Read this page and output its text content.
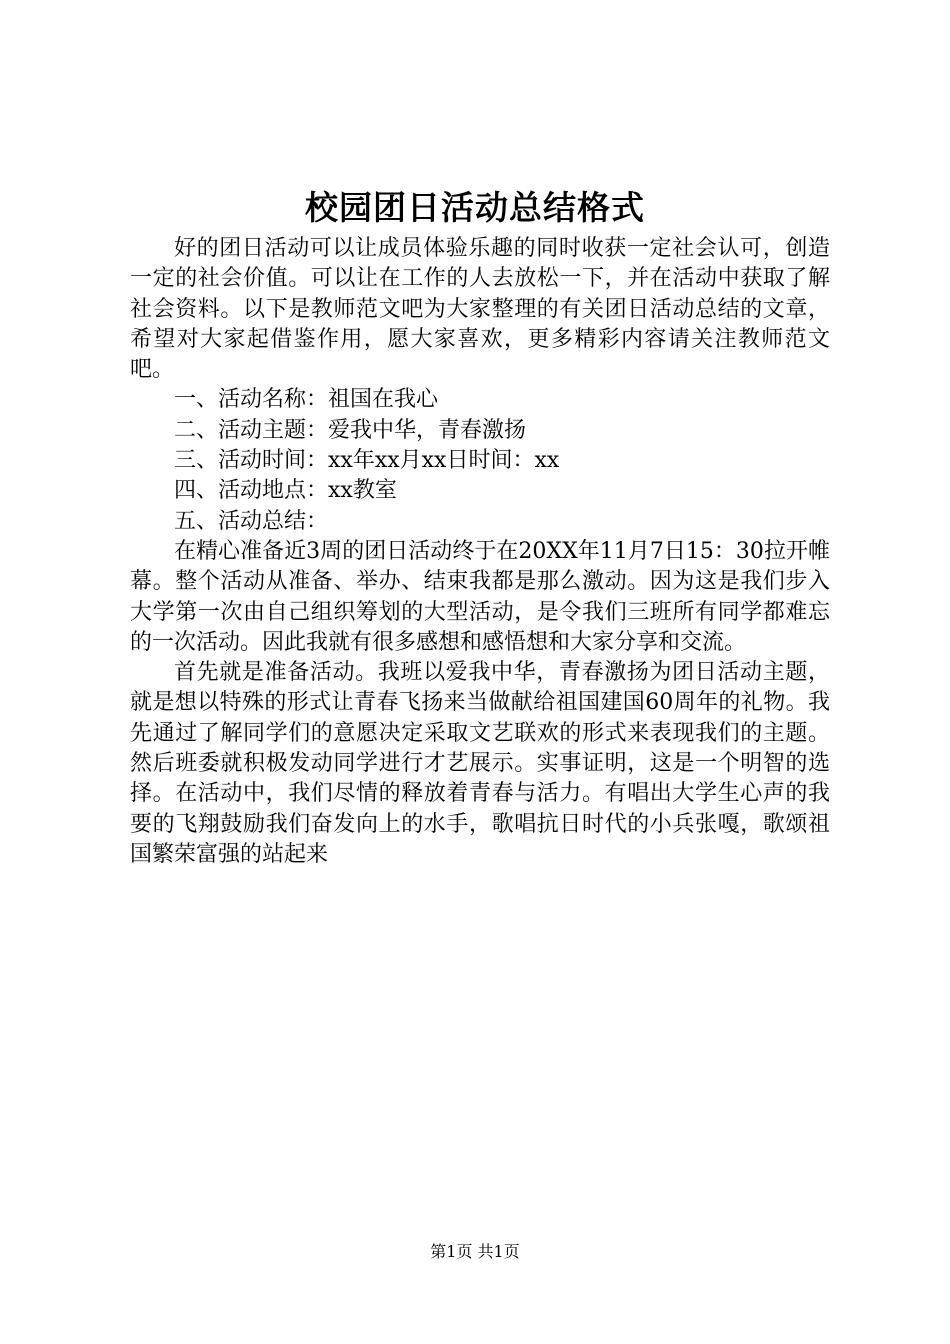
校园团日活动总结格式

好的团日活动可以让成员体验乐趣的同时收获一定社会认可，创造一定的社会价值。可以让在工作的人去放松一下，并在活动中获取了解社会资料。以下是教师范文吧为大家整理的有关团日活动总结的文章，希望对大家起借鉴作用，愿大家喜欢，更多精彩内容请关注教师范文吧。

一、活动名称：祖国在我心

二、活动主题：爱我中华，青春激扬

三、活动时间：xx年xx月xx日时间：xx

四、活动地点：xx教室

五、活动总结：

在精心准备近3周的团日活动终于在20XX年11月7日15：30拉开帷幕。整个活动从准备、举办、结束我都是那么激动。因为这是我们步入大学第一次由自己组织筹划的大型活动，是令我们三班所有同学都难忘的一次活动。因此我就有很多感想和感悟想和大家分享和交流。

首先就是准备活动。我班以爱我中华，青春激扬为团日活动主题，就是想以特殊的形式让青春飞扬来当做献给祖国建国60周年的礼物。我先通过了解同学们的意愿决定采取文艺联欢的形式来表现我们的主题。然后班委就积极发动同学进行才艺展示。实事证明，这是一个明智的选择。在活动中，我们尽情的释放着青春与活力。有唱出大学生心声的我要的飞翔鼓励我们奋发向上的水手，歌唱抗日时代的小兵张嘎，歌颂祖国繁荣富强的站起来

第1页 共1页
